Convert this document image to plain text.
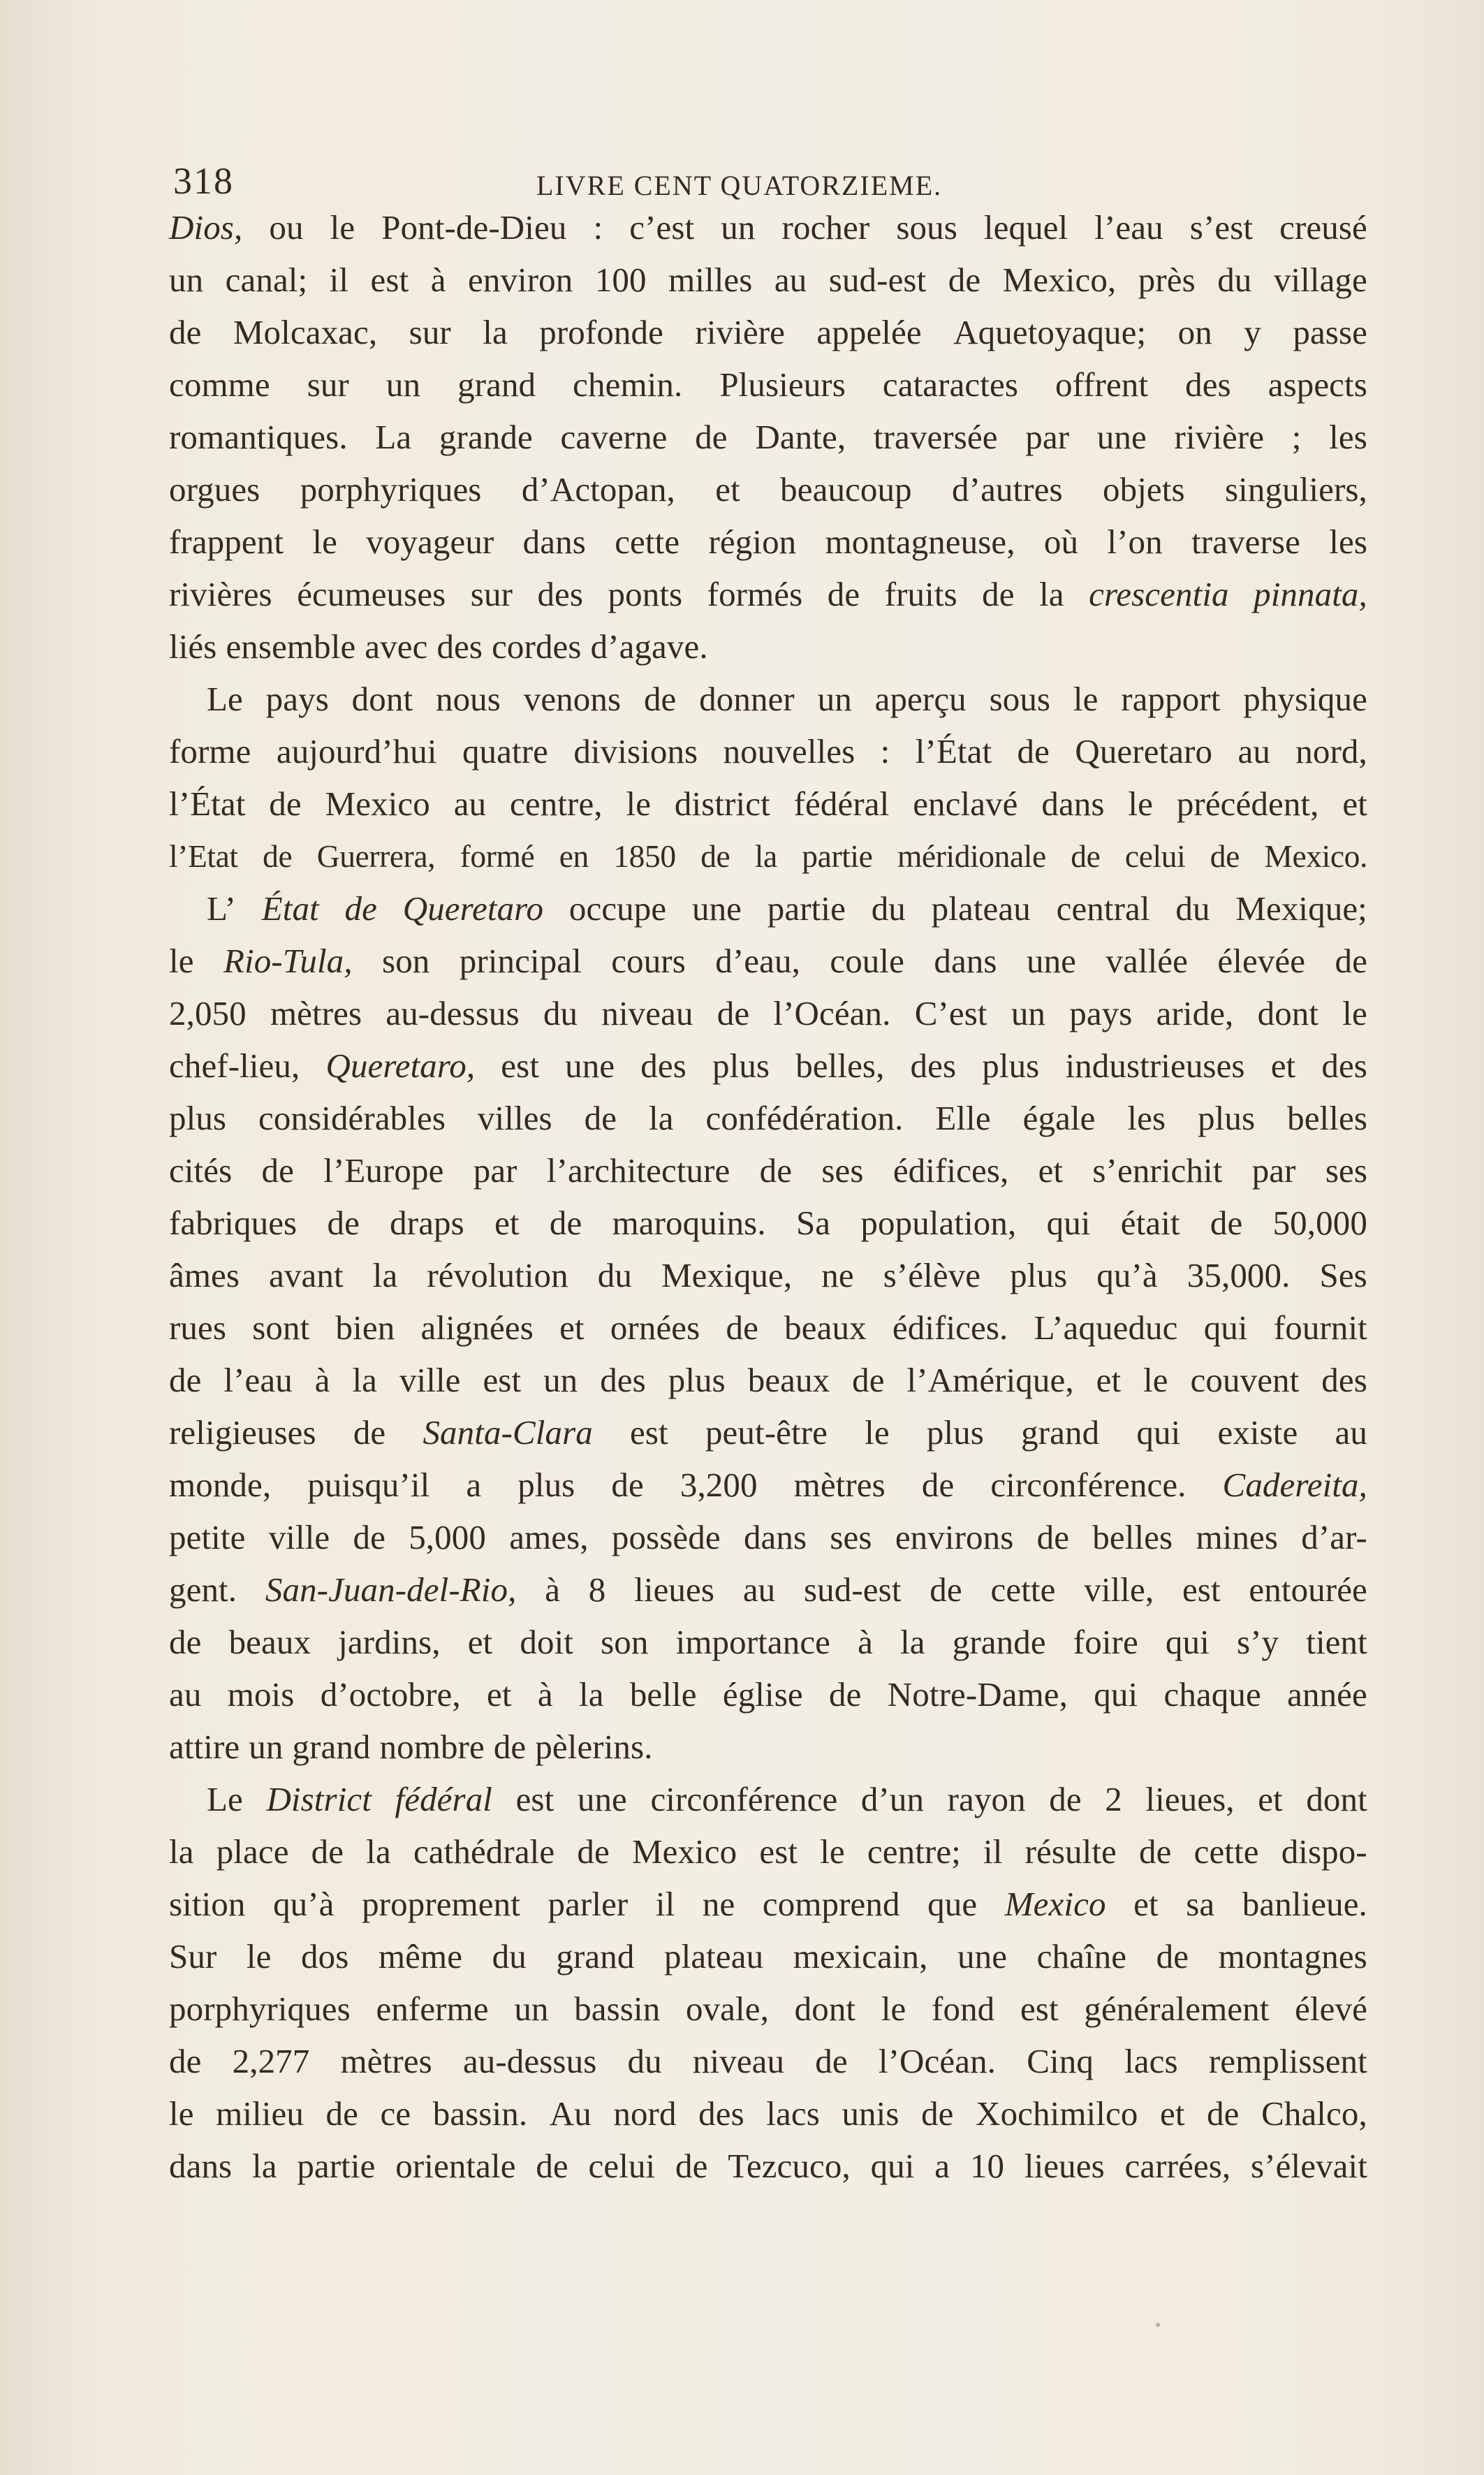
318	LIVRE CENT QUATORZIEME.
Dios, ou le Pont-de-Dieu : c’est un rocher sous lequel l’eau s’est creusé
un canal; il est à environ 100 milles au sud-est de Mexico, près du village
de Molcaxac, sur la profonde rivière appelée Aquetoyaque; on y passe
comme sur un grand chemin. Plusieurs cataractes offrent des aspects
romantiques. La grande caverne de Dante, traversée par une rivière ; les
orgues porphyriques d’Actopan, et beaucoup d’autres objets singuliers,
frappent le voyageur dans cette région montagneuse, où l’on traverse les
rivières écumeuses sur des ponts formés de fruits de la crescentia pinnata,
liés ensemble avec des cordes d’agave.
Le pays dont nous venons de donner un aperçu sous le rapport physique
forme aujourd’hui quatre divisions nouvelles : l’État de Queretaro au nord,
l’État de Mexico au centre, le district fédéral enclavé dans le précédent, et
l’Etat de Guerrera, formé en 1850 de la partie méridionale de celui de Mexico.
L’ État de Queretaro occupe une partie du plateau central du Mexique;
le Rio-Tula, son principal cours d’eau, coule dans une vallée élevée de
2,050 mètres au-dessus du niveau de l’Océan. C’est un pays aride, dont le
chef-lieu, Queretaro, est une des plus belles, des plus industrieuses et des
plus considérables villes de la confédération. Elle égale les plus belles
cités de l’Europe par l’architecture de ses édifices, et s’enrichit par ses
fabriques de draps et de maroquins. Sa population, qui était de 50,000
âmes avant la révolution du Mexique, ne s’élève plus qu’à 35,000. Ses
rues sont bien alignées et ornées de beaux édifices. L’aqueduc qui fournit
de l’eau à la ville est un des plus beaux de l’Amérique, et le couvent des
religieuses de Santa-Clara est peut-être le plus grand qui existe au
monde, puisqu’il a plus de 3,200 mètres de circonférence. Cadereita,
petite ville de 5,000 ames, possède dans ses environs de belles mines d’ar-
gent. San-Juan-del-Rio, à 8 lieues au sud-est de cette ville, est entourée
de beaux jardins, et doit son importance à la grande foire qui s’y tient
au mois d’octobre, et à la belle église de Notre-Dame, qui chaque année
attire un grand nombre de pèlerins.
Le District fédéral est une circonférence d’un rayon de 2 lieues, et dont
la place de la cathédrale de Mexico est le centre; il résulte de cette dispo-
sition qu’à proprement parler il ne comprend que Mexico et sa banlieue.
Sur le dos même du grand plateau mexicain, une chaîne de montagnes
porphyriques enferme un bassin ovale, dont le fond est généralement élevé
de 2,277 mètres au-dessus du niveau de l’Océan. Cinq lacs remplissent
le milieu de ce bassin. Au nord des lacs unis de Xochimilco et de Chalco,
dans la partie orientale de celui de Tezcuco, qui a 10 lieues carrées, s’élevait
